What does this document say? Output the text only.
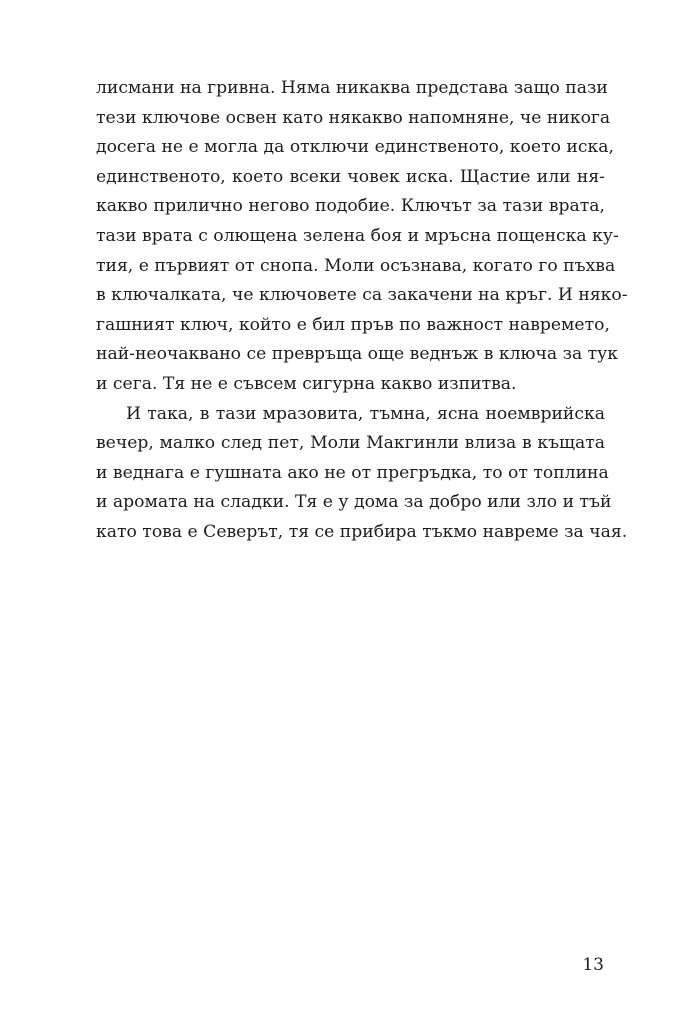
лисмани на гривна. Няма никаква представа защо пази
тези ключове освен като някакво напомняне, че никога
досега не е могла да отключи единственото, което иска,
единственото, което всеки човек иска. Щастие или ня-
какво прилично негово подобие. Ключът за тази врата,
тази врата с олющена зелена боя и мръсна пощенска ку-
тия, е първият от снопа. Моли осъзнава, когато го пъхва
в ключалката, че ключовете са закачени на кръг. И няко-
гашният ключ, който е бил пръв по важност навремето,
най-неочаквано се превръща още веднъж в ключа за тук
и сега. Тя не е съвсем сигурна какво изпитва.
И така, в тази мразовита, тъмна, ясна ноемврийска
вечер, малко след пет, Моли Макгинли влиза в къщата
и веднага е гушната ако не от прегръдка, то от топлина
и аромата на сладки. Тя е у дома за добро или зло и тъй
като това е Северът, тя се прибира тъкмо навреме за чая.
13
